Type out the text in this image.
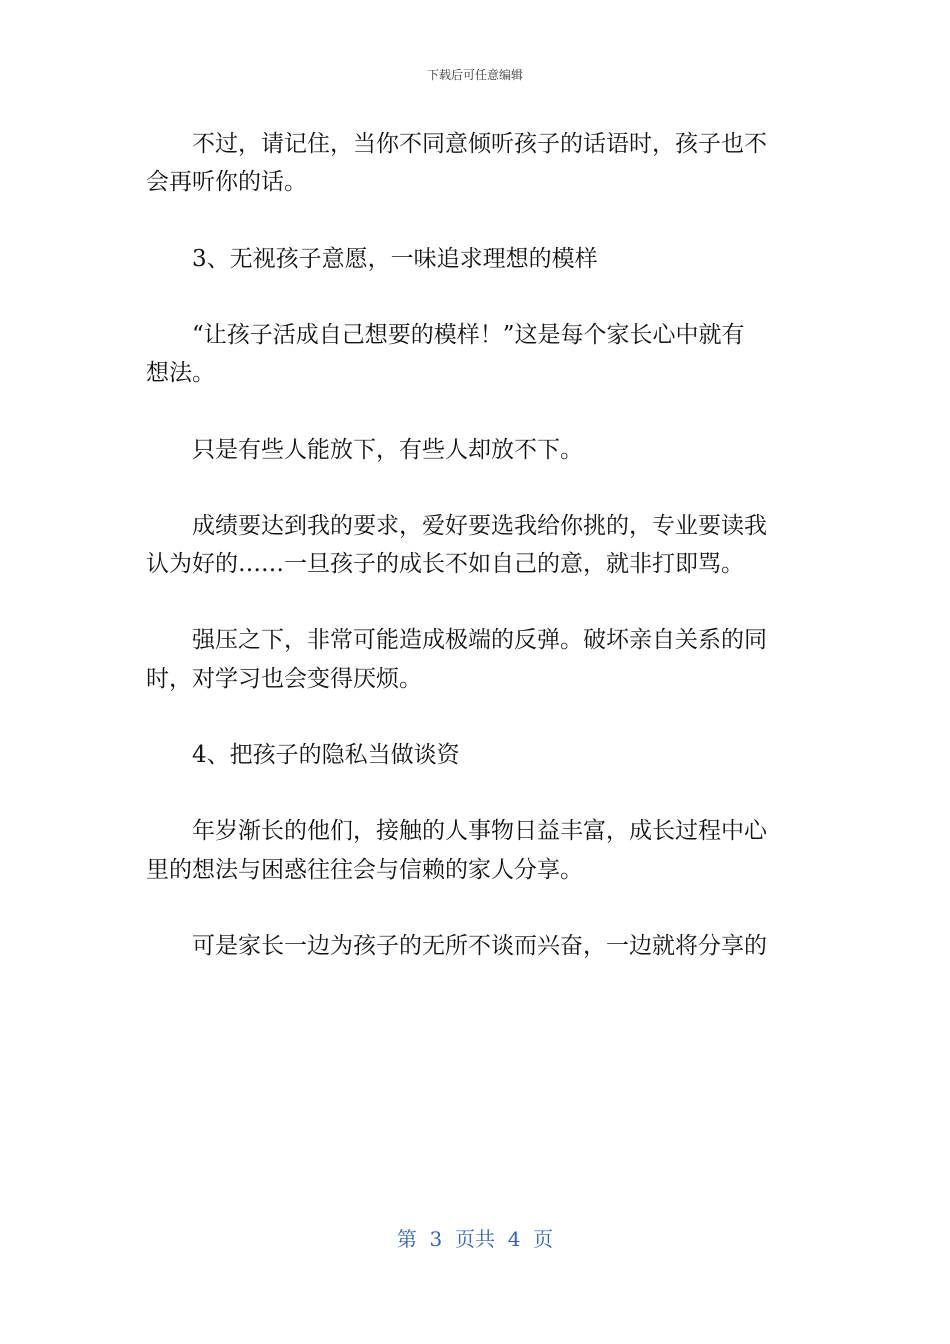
下载后可任意编辑
不过，请记住，当你不同意倾听孩子的话语时，孩子也不
会再听你的话。
3、无视孩子意愿，一味追求理想的模样
“让孩子活成自己想要的模样！”这是每个家长心中就有
想法。
只是有些人能放下，有些人却放不下。
成绩要达到我的要求，爱好要选我给你挑的，专业要读我
认为好的……一旦孩子的成长不如自己的意，就非打即骂。
强压之下，非常可能造成极端的反弹。破坏亲自关系的同
时，对学习也会变得厌烦。
4、把孩子的隐私当做谈资
年岁渐长的他们，接触的人事物日益丰富，成长过程中心
里的想法与困惑往往会与信赖的家人分享。
可是家长一边为孩子的无所不谈而兴奋，一边就将分享的
第  3  页共  4  页
